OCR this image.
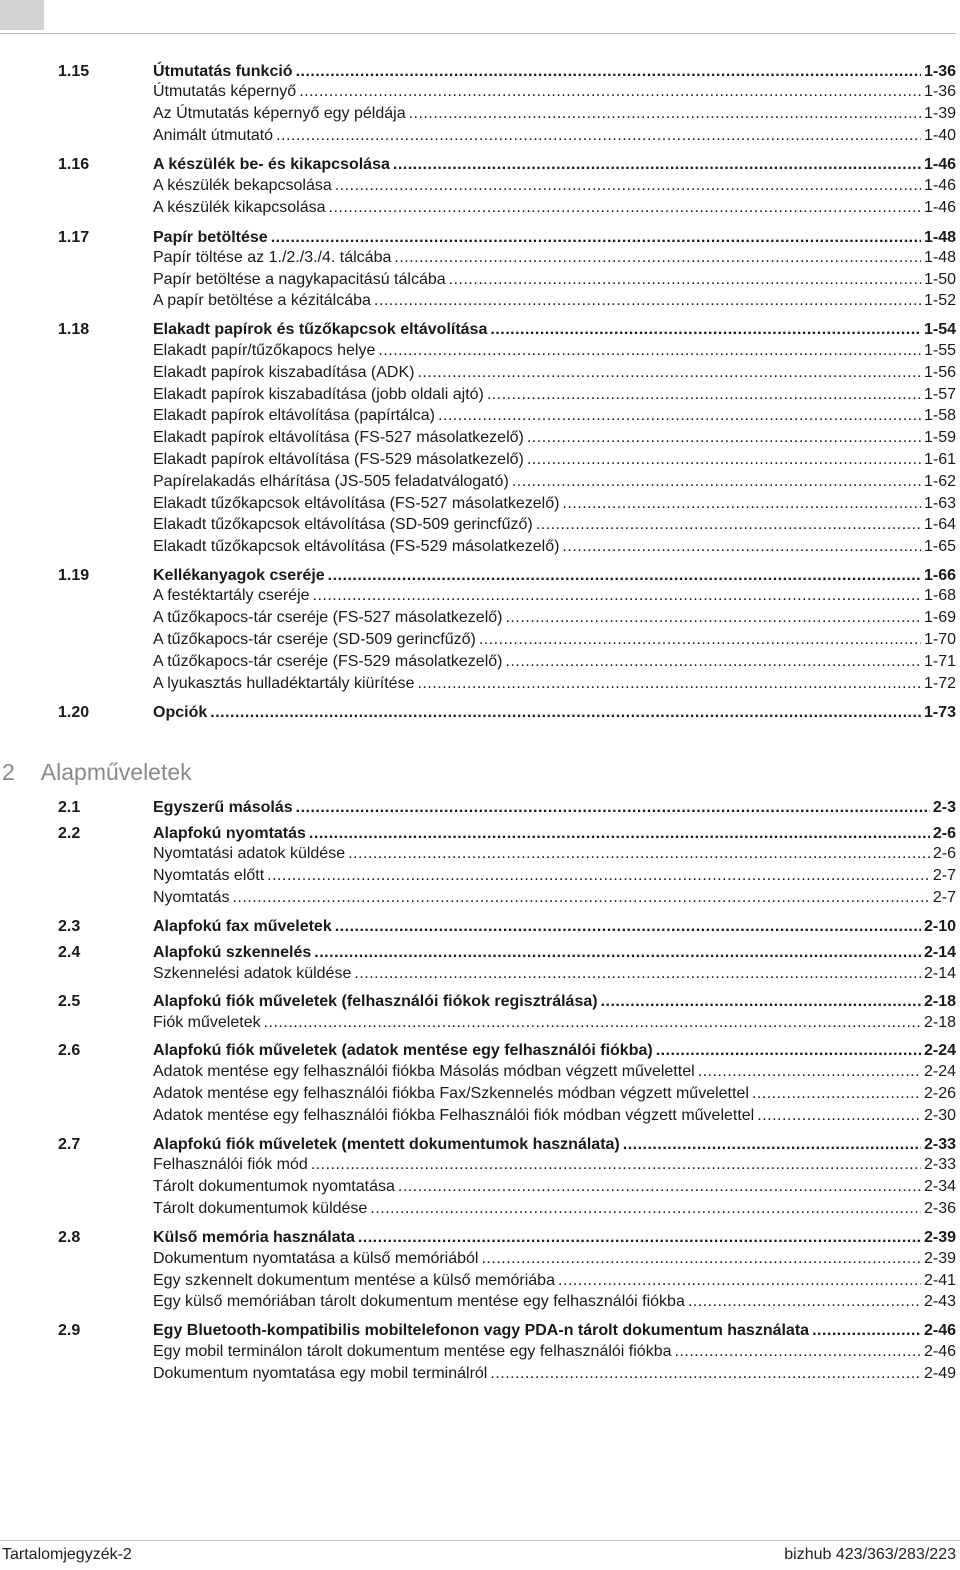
2 Alapműveletek
1.15	Útmutatás funkció .....	1-36
Útmutatás képernyő .....	1-36
Az Útmutatás képernyő egy példája .....	1-39
Animált útmutató .....	1-40
1.16	A készülék be- és kikapcsolása .....	1-46
A készülék bekapcsolása .....	1-46
A készülék kikapcsolása .....	1-46
1.17	Papír betöltése .....	1-48
Papír töltése az 1./2./3./4. tálcába .....	1-48
Papír betöltése a nagykapacitású tálcába .....	1-50
A papír betöltése a kézitálcába .....	1-52
1.18	Elakadt papírok és tűzőkapcsok eltávolítása .....	1-54
Elakadt papír/tűzőkapocs helye .....	1-55
Elakadt papírok kiszabadítása (ADK) .....	1-56
Elakadt papírok kiszabadítása (jobb oldali ajtó) .....	1-57
Elakadt papírok eltávolítása (papírtálca) .....	1-58
Elakadt papírok eltávolítása (FS-527 másolatkezelő) .....	1-59
Elakadt papírok eltávolítása (FS-529 másolatkezelő) .....	1-61
Papírelakadás elhárítása (JS-505 feladatválogató) .....	1-62
Elakadt tűzőkapcsok eltávolítása (FS-527 másolatkezelő) .....	1-63
Elakadt tűzőkapcsok eltávolítása (SD-509 gerincfűző) .....	1-64
Elakadt tűzőkapcsok eltávolítása (FS-529 másolatkezelő) .....	1-65
1.19	Kellékanyagok cseréje .....	1-66
A festéktartály cseréje .....	1-68
A tűzőkapocs-tár cseréje (FS-527 másolatkezelő) .....	1-69
A tűzőkapocs-tár cseréje (SD-509 gerincfűző) .....	1-70
A tűzőkapocs-tár cseréje (FS-529 másolatkezelő) .....	1-71
A lyukasztás hulladéktartály kiürítése .....	1-72
1.20	Opciók .....	1-73
2.1	Egyszerű másolás .....	2-3
2.2	Alapfokú nyomtatás .....	2-6
Nyomtatási adatok küldése .....	2-6
Nyomtatás előtt .....	2-7
Nyomtatás .....	2-7
2.3	Alapfokú fax műveletek .....	2-10
2.4	Alapfokú szkennelés .....	2-14
Szkennelési adatok küldése .....	2-14
2.5	Alapfokú fiók műveletek (felhasználói fiókok regisztrálása) .....	2-18
Fiók műveletek .....	2-18
2.6	Alapfokú fiók műveletek (adatok mentése egy felhasználói fiókba) .....	2-24
Adatok mentése egy felhasználói fiókba Másolás módban végzett művelettel .....	2-24
Adatok mentése egy felhasználói fiókba Fax/Szkennelés módban végzett művelettel .....	2-26
Adatok mentése egy felhasználói fiókba Felhasználói fiók módban végzett művelettel .....	2-30
2.7	Alapfokú fiók műveletek (mentett dokumentumok használata) .....	2-33
Felhasználói fiók mód .....	2-33
Tárolt dokumentumok nyomtatása .....	2-34
Tárolt dokumentumok küldése .....	2-36
2.8	Külső memória használata .....	2-39
Dokumentum nyomtatása a külső memóriából .....	2-39
Egy szkennelt dokumentum mentése a külső memóriába .....	2-41
Egy külső memóriában tárolt dokumentum mentése egy felhasználói fiókba .....	2-43
2.9	Egy Bluetooth-kompatibilis mobiltelefonon vagy PDA-n tárolt dokumentum használata .....	2-46
Egy mobil terminálon tárolt dokumentum mentése egy felhasználói fiókba .....	2-46
Dokumentum nyomtatása egy mobil terminálról .....	2-49
Tartalomjegyzék-2	bizhub 423/363/283/223
